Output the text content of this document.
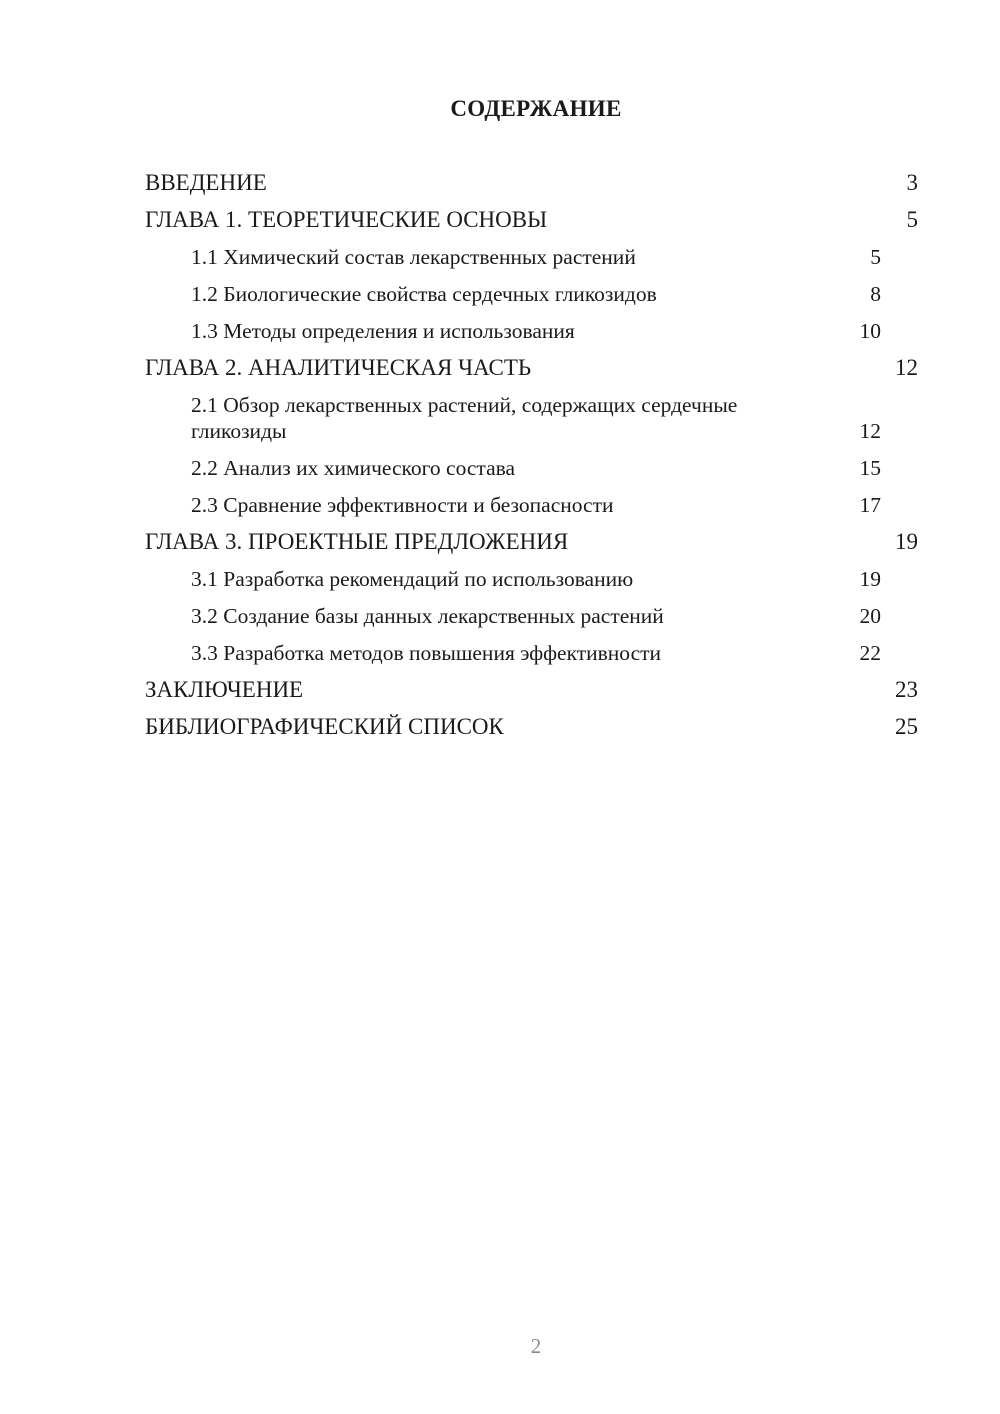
СОДЕРЖАНИЕ
ВВЕДЕНИЕ	3
ГЛАВА 1. ТЕОРЕТИЧЕСКИЕ ОСНОВЫ	5
1.1 Химический состав лекарственных растений	5
1.2 Биологические свойства сердечных гликозидов	8
1.3 Методы определения и использования	10
ГЛАВА 2. АНАЛИТИЧЕСКАЯ ЧАСТЬ	12
2.1 Обзор лекарственных растений, содержащих сердечные гликозиды	12
2.2 Анализ их химического состава	15
2.3 Сравнение эффективности и безопасности	17
ГЛАВА 3. ПРОЕКТНЫЕ ПРЕДЛОЖЕНИЯ	19
3.1 Разработка рекомендаций по использованию	19
3.2 Создание базы данных лекарственных растений	20
3.3 Разработка методов повышения эффективности	22
ЗАКЛЮЧЕНИЕ	23
БИБЛИОГРАФИЧЕСКИЙ СПИСОК	25
2
